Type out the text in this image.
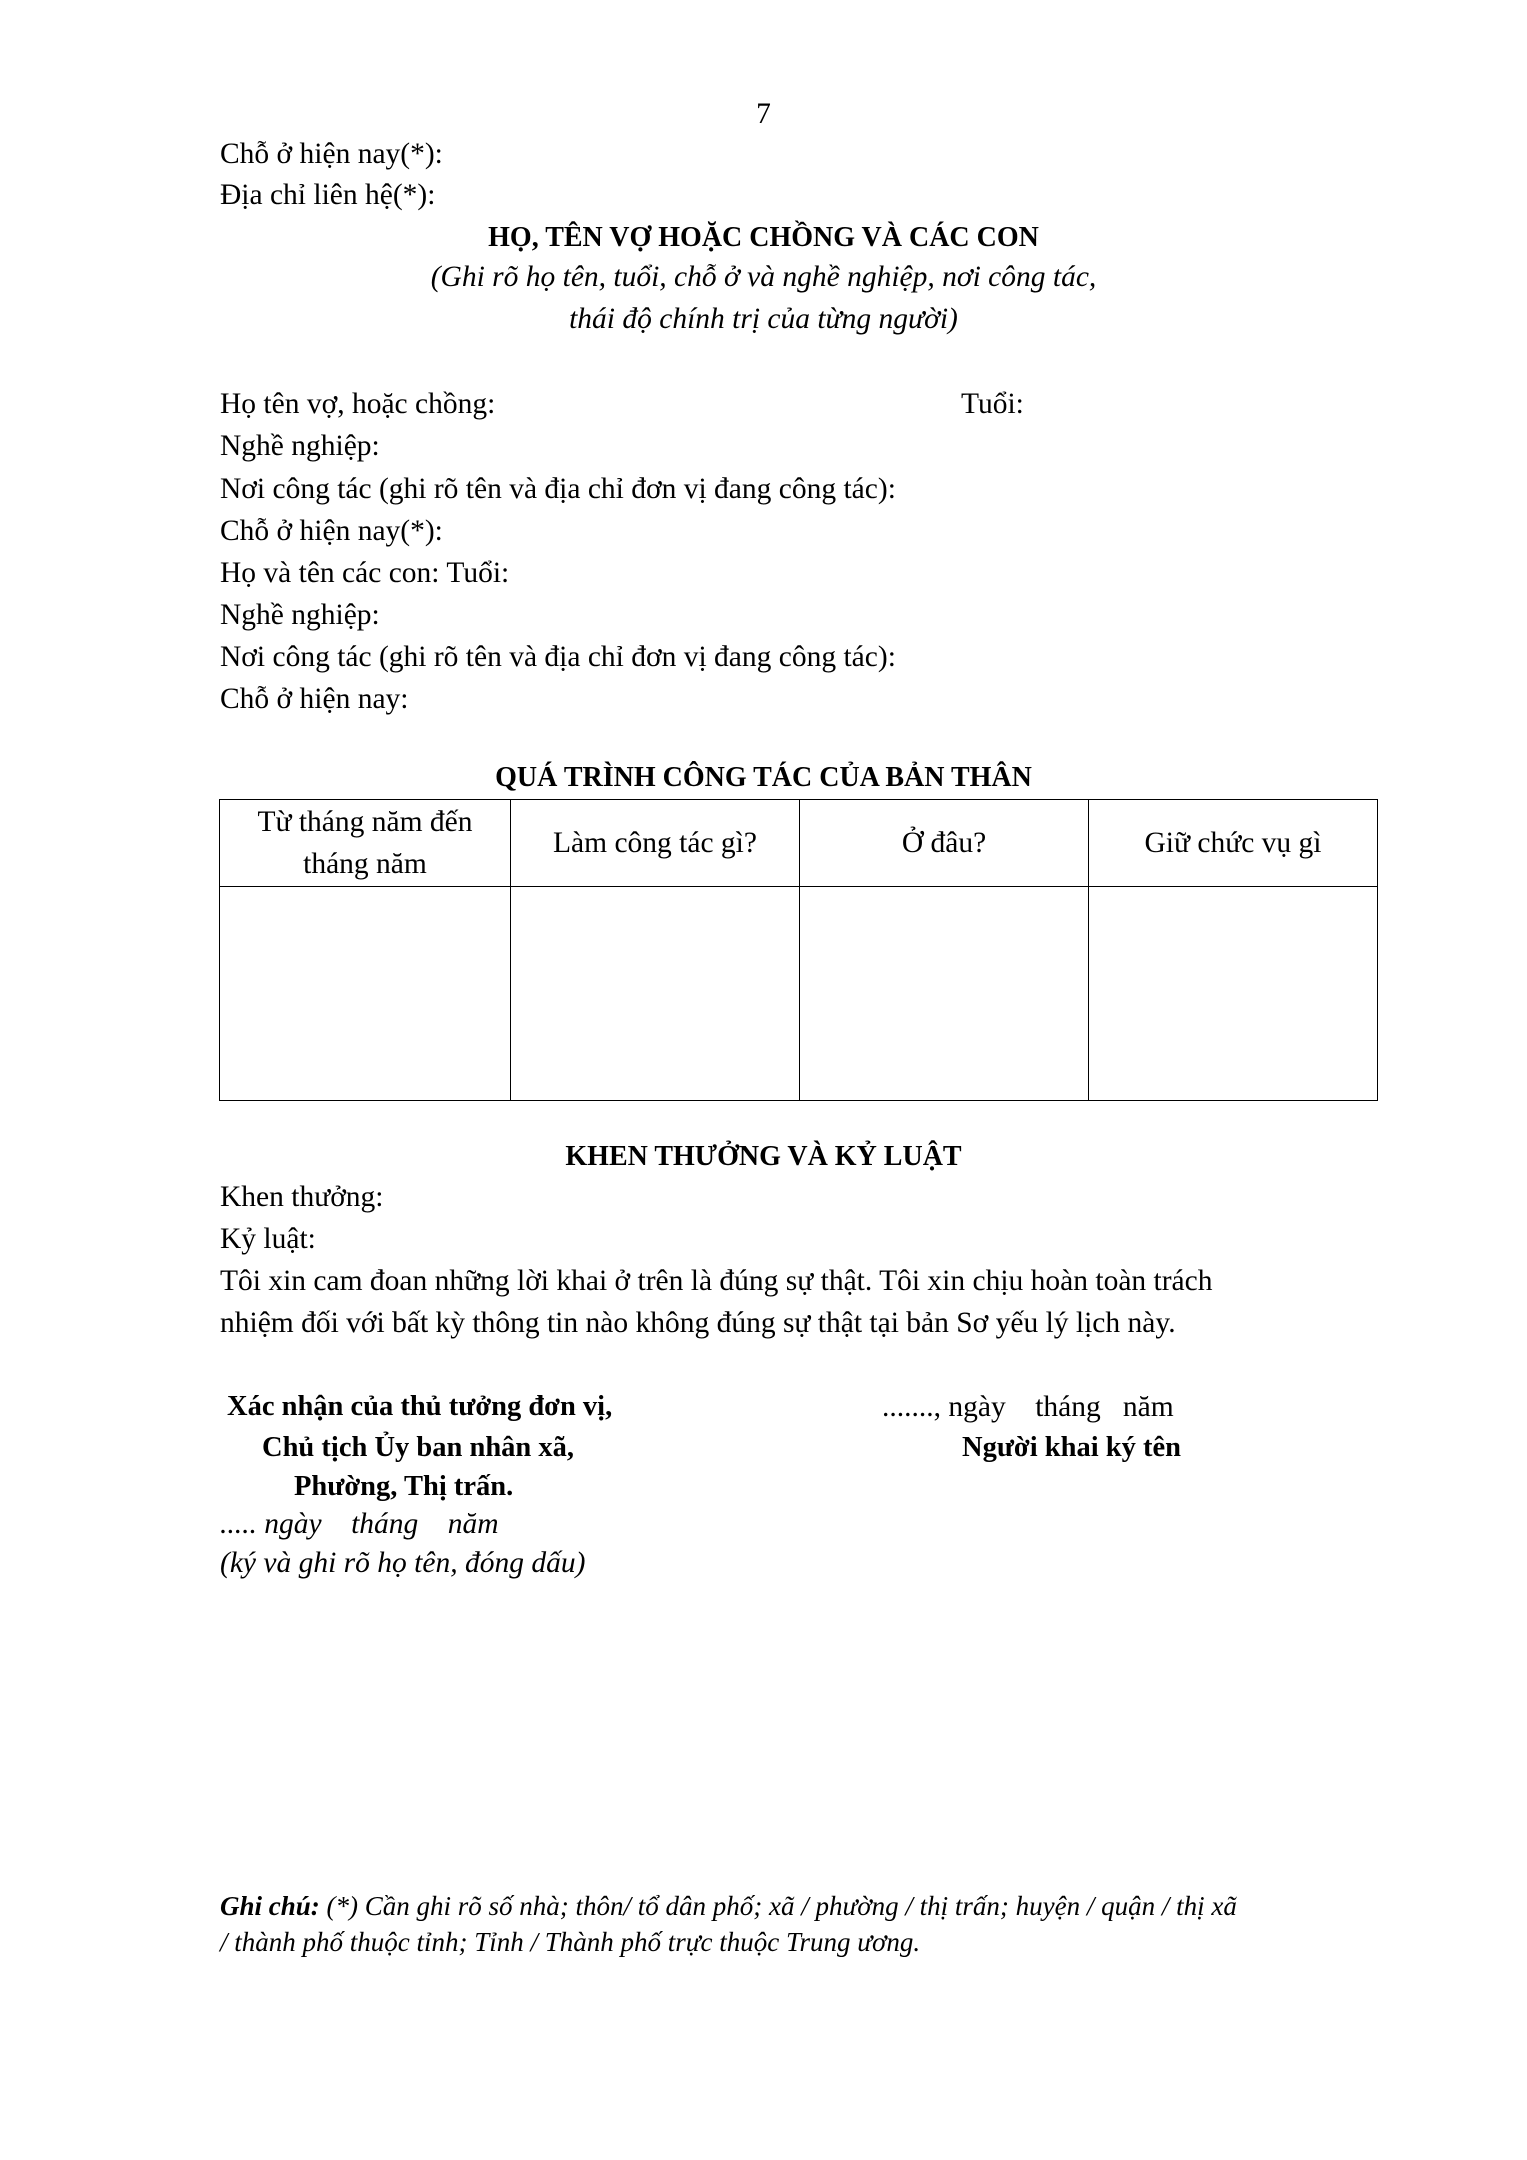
7
Chỗ ở hiện nay(*):
Địa chỉ liên hệ(*):
HỌ, TÊN VỢ HOẶC CHỒNG VÀ CÁC CON
(Ghi rõ họ tên, tuổi, chỗ ở và nghề nghiệp, nơi công tác,
thái độ chính trị của từng người)
Họ tên vợ, hoặc chồng:	Tuổi:
Nghề nghiệp:
Nơi công tác (ghi rõ tên và địa chỉ đơn vị đang công tác):
Chỗ ở hiện nay(*):
Họ và tên các con: Tuổi:
Nghề nghiệp:
Nơi công tác (ghi rõ tên và địa chỉ đơn vị đang công tác):
Chỗ ở hiện nay:
QUÁ TRÌNH CÔNG TÁC CỦA BẢN THÂN
Từ tháng năm đến
tháng năm	Làm công tác gì?	Ở đâu?	Giữ chức vụ gì

KHEN THƯỞNG VÀ KỶ LUẬT
Khen thưởng:
Kỷ luật:
Tôi xin cam đoan những lời khai ở trên là đúng sự thật. Tôi xin chịu hoàn toàn trách
nhiệm đối với bất kỳ thông tin nào không đúng sự thật tại bản Sơ yếu lý lịch này.
Xác nhận của thủ tưởng đơn vị,
Chủ tịch Ủy ban nhân xã,
Phường, Thị trấn.
..... ngày    tháng    năm
(ký và ghi rõ họ tên, đóng dấu)
......., ngày    tháng   năm
Người khai ký tên
Ghi chú: (*) Cần ghi rõ số nhà; thôn/ tổ dân phố; xã / phường / thị trấn; huyện / quận / thị xã
/ thành phố thuộc tỉnh; Tỉnh / Thành phố trực thuộc Trung ương.
